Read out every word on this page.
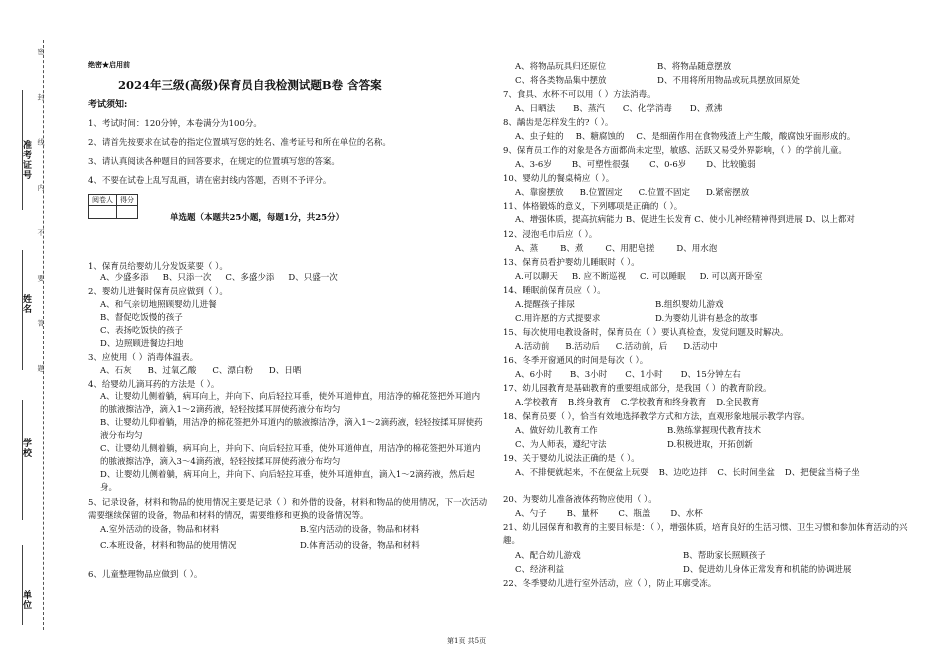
密 封 线 内 不 要 答 题
准考证号
姓名
学校
单位
绝密★启用前
2024年三级(高级)保育员自我检测试题B卷 含答案
考试须知:
1、考试时间：120分钟，本卷满分为100分。
2、请首先按要求在试卷的指定位置填写您的姓名、准考证号和所在单位的名称。
3、请认真阅读各种题目的回答要求，在规定的位置填写您的答案。
4、不要在试卷上乱写乱画，请在密封线内答题，否则不予评分。
阅卷人	得分

单选题（本题共25小题，每题1分，共25分）
1、保育员给婴幼儿分发饭菜要（ ）。
A、少盛多添 B、只添一次 C、多盛少添 D、只盛一次
2、婴幼儿进餐时保育员应做到（ ）。
A、和气亲切地照顾婴幼儿进餐
B、督促吃饭慢的孩子
C、表扬吃饭快的孩子
D、边照顾进餐边扫地
3、应使用（ ）消毒体温表。
A、石灰 B、过氧乙酸 C、漂白粉 D、日晒
4、给婴幼儿滴耳药的方法是（ ）。
A、让婴幼儿侧着躺，病耳向上，并向下、向后轻拉耳垂，使外耳道伸直，用洁净的棉花签把外耳道内的脓液擦洁净，滴入1～2滴药液，轻轻按揉耳屏使药液分布均匀
B、让婴幼儿仰着躺，用洁净的棉花签把外耳道内的脓液擦洁净，滴入1～2滴药液，轻轻按揉耳屏使药液分布均匀
C、让婴幼儿侧着躺，病耳向上，并向下、向后轻拉耳垂，使外耳道伸直，用洁净的棉花签把外耳道内的脓液擦洁净，滴入3～4滴药液，轻轻按揉耳屏使药液分布均匀
D、让婴幼儿侧着躺，病耳向上，并向下、向后轻拉耳垂，使外耳道伸直，滴入1～2滴药液，然后起身。
5、记录设备，材料和物品的使用情况主要是记录（ ）和外借的设备，材料和物品的使用情况，下一次活动需要继续保留的设备，物品和材料的情况，需要维修和更换的设备情况等。
A.室外活动的设备，物品和材料	B.室内活动的设备，物品和材料
C.本班设备，材料和物品的使用情况	D.体育活动的设备，物品和材料
6、儿童整理物品应做到（ ）。
A、将物品玩具归还原位	B、将物品随意摆放
C、将各类物品集中摆放	D、不用将所用物品或玩具摆放回原处
7、食具、水杯不可以用（ ）方法消毒。
A、日晒法 B、蒸汽 C、化学消毒 D、煮沸
8、龋齿是怎样发生的?（ ）。
A、虫子蛀的 B、糖腐蚀的 C、是细菌作用在食物残渣上产生酸，酸腐蚀牙面形成的。
9、保育员工作的对象是各方面都尚未定型，敏感、活跃又易受外界影响，（ ）的学前儿童。
A、3-6岁 B、可塑性很强 C、0-6岁 D、比较脆弱
10、婴幼儿的餐桌椅应（ ）。
A、靠窗摆放 B.位置固定 C.位置不固定 D.紧密摆放
11、体格锻炼的意义，下列哪项是正确的（ ）。
A、增强体质，提高抗病能力 B、促进生长发育 C、使小儿神经精神得到进展 D、以上都对
12、浸泡毛巾后应（ ）。
A、蒸	B、煮	C、用肥皂搓	D、用水泡
13、保育员看护婴幼儿睡眠时（ ）。
A.可以聊天 B. 应不断巡视 C. 可以睡眠 D. 可以离开卧室
14、睡眠前保育员应（ ）。
A.提醒孩子排尿	B.组织婴幼儿游戏
C.用许愿的方式提要求	D.为婴幼儿讲有悬念的故事
15、每次使用电教设备时，保育员在（ ）要认真检查，发觉问题及时解决。
A.活动前 B.活动后 C.活动前，后 D.活动中
16、冬季开窗通风的时间是每次（ ）。
A、6小时 B、3小时 C、1小时 D、15分钟左右
17、幼儿园教育是基础教育的重要组成部分，是我国（ ）的教育阶段。
A.学校教育 B.终身教育 C.学校教育和终身教育 D.全民教育
18、保育员要（ ），恰当有效地选择教学方式和方法，直观形象地展示教学内容。
A、做好幼儿教育工作	B.熟练掌握现代教育技术
C、为人师表，遵纪守法	D.积极进取，开拓创新
19、关于婴幼儿说法正确的是（ ）。
A、不排便就起来，不在便盆上玩耍 B、边吃边拌 C、长时间坐盆 D、把便盆当椅子坐
20、为婴幼儿准备液体药物应使用（ ）。
A、勺子 B、量杯 C、瓶盖 D、水杯
21、幼儿园保育和教育的主要目标是：（ ），增强体质，培育良好的生活习惯、卫生习惯和参加体育活动的兴趣。
A、配合幼儿游戏	B、帮助家长照顾孩子
C、经济利益	D、促进幼儿身体正常发育和机能的协调进展
22、冬季婴幼儿进行室外活动，应（ ），防止耳廓受冻。
第1页 共5页
